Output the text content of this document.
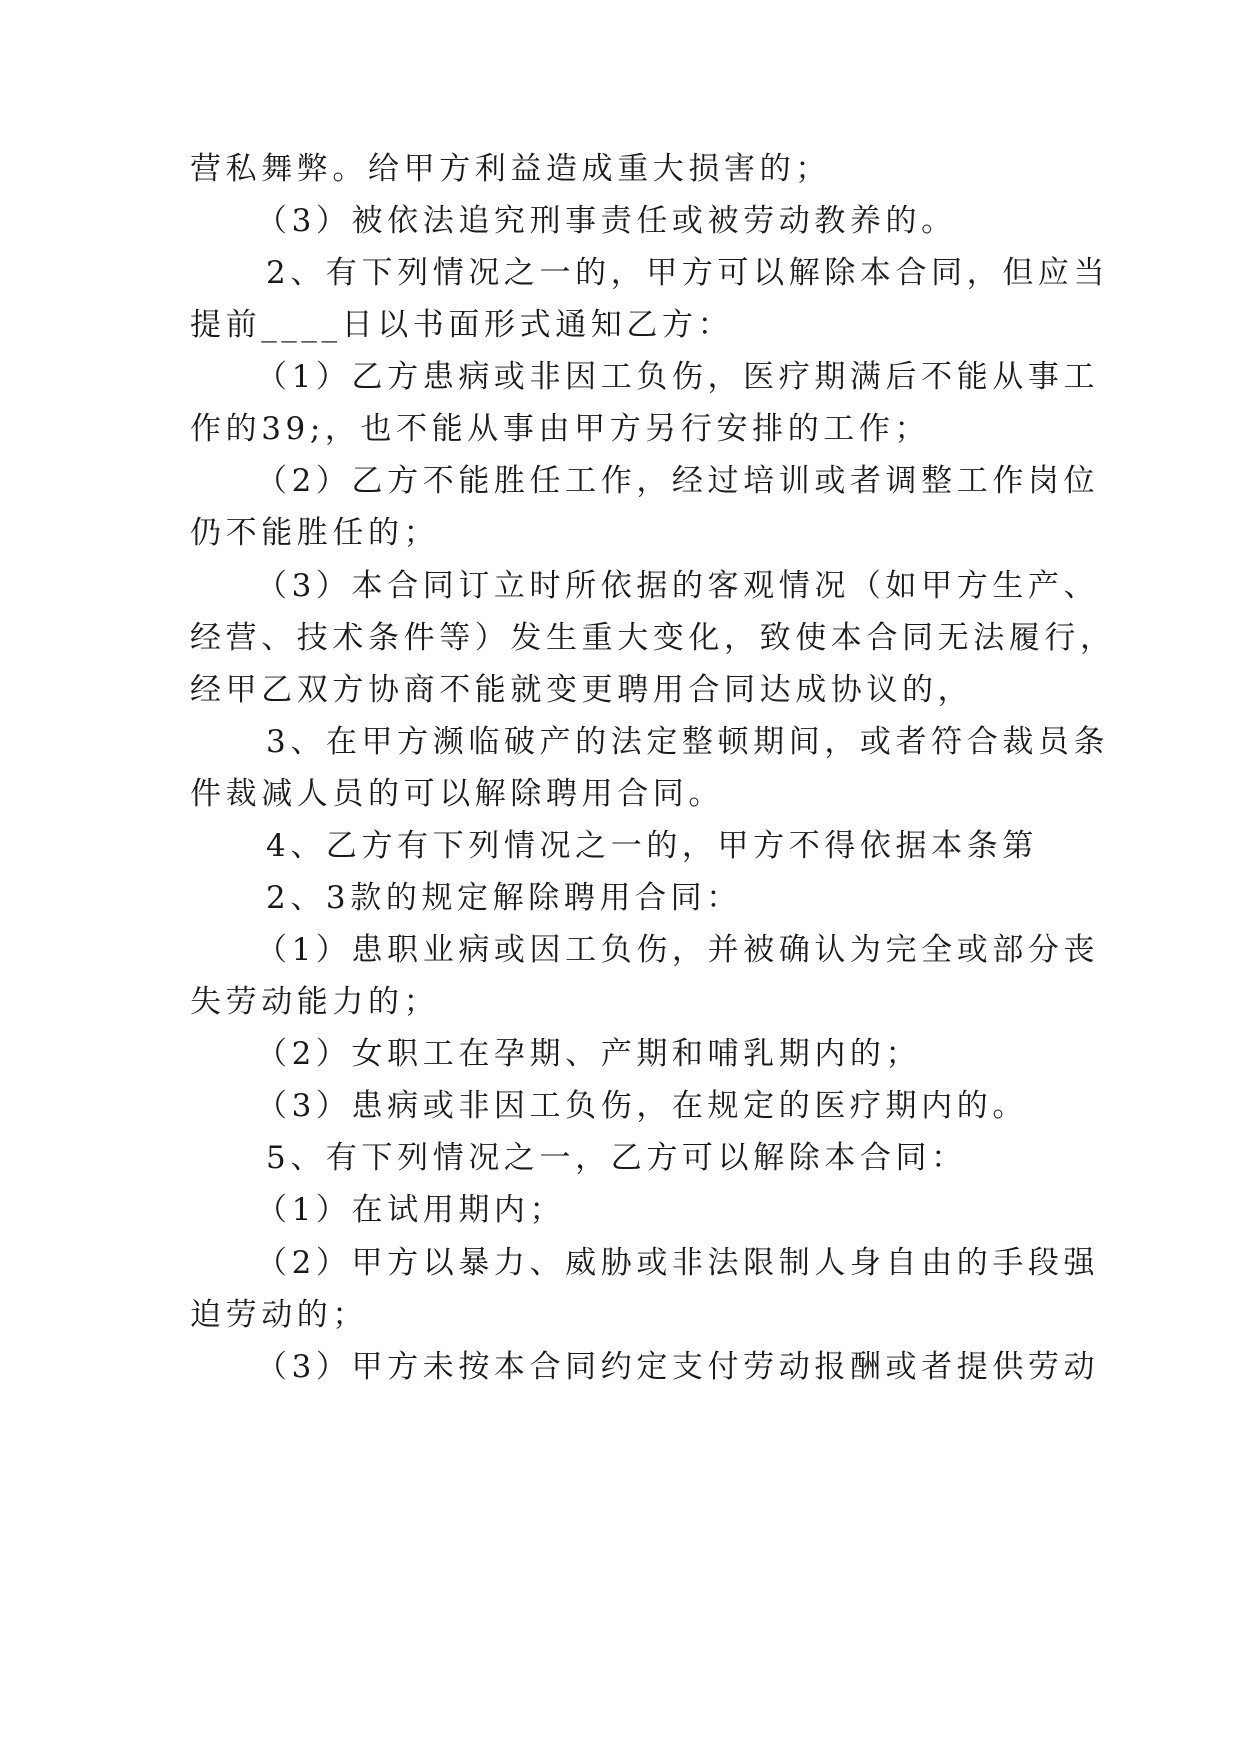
营私舞弊。给甲方利益造成重大损害的；
（3）被依法追究刑事责任或被劳动教养的。
2、有下列情况之一的，甲方可以解除本合同，但应当
提前____日以书面形式通知乙方：
（1）乙方患病或非因工负伤，医疗期满后不能从事工
作的39;，也不能从事由甲方另行安排的工作；
（2）乙方不能胜任工作，经过培训或者调整工作岗位
仍不能胜任的；
（3）本合同订立时所依据的客观情况（如甲方生产、
经营、技术条件等）发生重大变化，致使本合同无法履行，
经甲乙双方协商不能就变更聘用合同达成协议的，
3、在甲方濒临破产的法定整顿期间，或者符合裁员条
件裁减人员的可以解除聘用合同。
4、乙方有下列情况之一的，甲方不得依据本条第
2、3款的规定解除聘用合同：
（1）患职业病或因工负伤，并被确认为完全或部分丧
失劳动能力的；
（2）女职工在孕期、产期和哺乳期内的；
（3）患病或非因工负伤，在规定的医疗期内的。
5、有下列情况之一，乙方可以解除本合同：
（1）在试用期内；
（2）甲方以暴力、威胁或非法限制人身自由的手段强
迫劳动的；
（3）甲方未按本合同约定支付劳动报酬或者提供劳动
